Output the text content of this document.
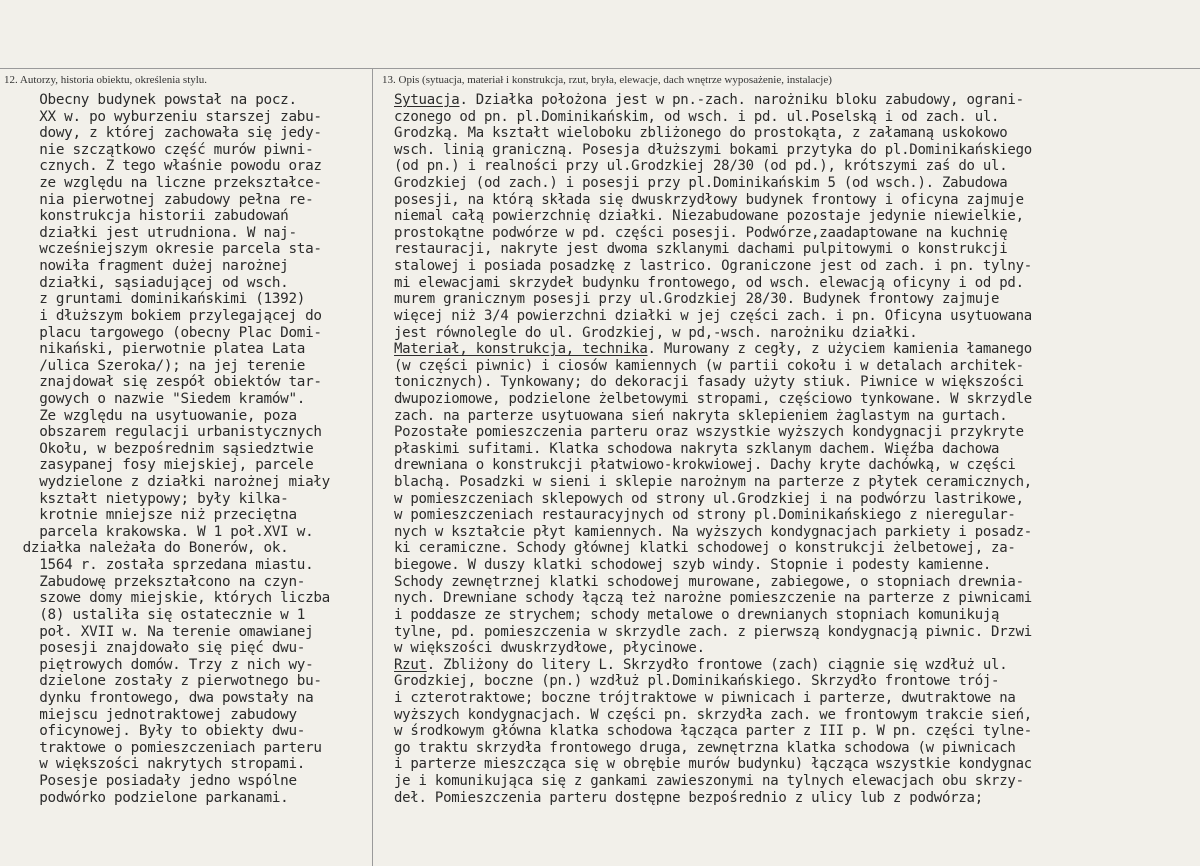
12. Autorzy, historia obiektu, określenia stylu.	13. Opis (sytuacja, materiał i konstrukcja, rzut, bryła, elewacje, dach wnętrze wyposażenie, instalacje)
Obecny budynek powstał na pocz.
XX w. po wyburzeniu starszej zabu-
dowy, z której zachowała się jedy-
nie szczątkowo część murów piwni-
cznych. Z tego właśnie powodu oraz
ze względu na liczne przekształce-
nia pierwotnej zabudowy pełna re-
konstrukcja historii zabudowań
działki jest utrudniona. W naj-
wcześniejszym okresie parcela sta-
nowiła fragment dużej narożnej
działki, sąsiadującej od wsch.
z gruntami dominikańskimi (1392)
i dłuższym bokiem przylegającej do
placu targowego (obecny Plac Domi-
nikański, pierwotnie platea Lata
/ulica Szeroka/); na jej terenie
znajdował się zespół obiektów tar-
gowych o nazwie "Siedem kramów".
Ze względu na usytuowanie, poza
obszarem regulacji urbanistycznych
Okołu, w bezpośrednim sąsiedztwie
zasypanej fosy miejskiej, parcele
wydzielone z działki narożnej miały
kształt nietypowy; były kilka-
krotnie mniejsze niż przeciętna
parcela krakowska. W 1 poł.XVI w.
działka należała do Bonerów, ok.
1564 r. została sprzedana miastu.
Zabudowę przekształcono na czyn-
szowe domy miejskie, których liczba
(8) ustaliła się ostatecznie w 1
poł. XVII w. Na terenie omawianej
posesji znajdowało się pięć dwu-
piętrowych domów. Trzy z nich wy-
dzielone zostały z pierwotnego bu-
dynku frontowego, dwa powstały na
miejscu jednotraktowej zabudowy
oficynowej. Były to obiekty dwu-
traktowe o pomieszczeniach parteru
w większości nakrytych stropami.
Posesje posiadały jedno wspólne
podwórko podzielone parkanami.
Sytuacja. Działka położona jest w pn.-zach. narożniku bloku zabudowy, ograni-
czonego od pn. pl.Dominikańskim, od wsch. i pd. ul.Poselską i od zach. ul.
Grodzką. Ma kształt wieloboku zbliżonego do prostokąta, z załamaną uskokowo
wsch. linią graniczną. Posesja dłuższymi bokami przytyka do pl.Dominikańskiego
(od pn.) i realności przy ul.Grodzkiej 28/30 (od pd.), krótszymi zaś do ul.
Grodzkiej (od zach.) i posesji przy pl.Dominikańskim 5 (od wsch.). Zabudowa
posesji, na którą składa się dwuskrzydłowy budynek frontowy i oficyna zajmuje
niemal całą powierzchnię działki. Niezabudowane pozostaje jedynie niewielkie,
prostokątne podwórze w pd. części posesji. Podwórze,zaadaptowane na kuchnię
restauracji, nakryte jest dwoma szklanymi dachami pulpitowymi o konstrukcji
stalowej i posiada posadzkę z lastrico. Ograniczone jest od zach. i pn. tylny-
mi elewacjami skrzydeł budynku frontowego, od wsch. elewacją oficyny i od pd.
murem granicznym posesji przy ul.Grodzkiej 28/30. Budynek frontowy zajmuje
więcej niż 3/4 powierzchni działki w jej części zach. i pn. Oficyna usytuowana
jest równolegle do ul. Grodzkiej, w pd,-wsch. narożniku działki.
Materiał, konstrukcja, technika. Murowany z cegły, z użyciem kamienia łamanego
(w części piwnic) i ciosów kamiennych (w partii cokołu i w detalach architek-
tonicznych). Tynkowany; do dekoracji fasady użyty stiuk. Piwnice w większości
dwupoziomowe, podzielone żelbetowymi stropami, częściowo tynkowane. W skrzydle
zach. na parterze usytuowana sień nakryta sklepieniem żaglastym na gurtach.
Pozostałe pomieszczenia parteru oraz wszystkie wyższych kondygnacji przykryte
płaskimi sufitami. Klatka schodowa nakryta szklanym dachem. Więźba dachowa
drewniana o konstrukcji płatwiowo-krokwiowej. Dachy kryte dachówką, w części
blachą. Posadzki w sieni i sklepie narożnym na parterze z płytek ceramicznych,
w pomieszczeniach sklepowych od strony ul.Grodzkiej i na podwórzu lastrikowe,
w pomieszczeniach restauracyjnych od strony pl.Dominikańskiego z nieregular-
nych w kształcie płyt kamiennych. Na wyższych kondygnacjach parkiety i posadz-
ki ceramiczne. Schody głównej klatki schodowej o konstrukcji żelbetowej, za-
biegowe. W duszy klatki schodowej szyb windy. Stopnie i podesty kamienne.
Schody zewnętrznej klatki schodowej murowane, zabiegowe, o stopniach drewnia-
nych. Drewniane schody łączą też narożne pomieszczenie na parterze z piwnicami
i poddasze ze strychem; schody metalowe o drewnianych stopniach komunikują
tylne, pd. pomieszczenia w skrzydle zach. z pierwszą kondygnacją piwnic. Drzwi
w większości dwuskrzydłowe, płycinowe.
Rzut. Zbliżony do litery L. Skrzydło frontowe (zach) ciągnie się wzdłuż ul.
Grodzkiej, boczne (pn.) wzdłuż pl.Dominikańskiego. Skrzydło frontowe trój-
i czterotraktowe; boczne trójtraktowe w piwnicach i parterze, dwutraktowe na
wyższych kondygnacjach. W części pn. skrzydła zach. we frontowym trakcie sień,
w środkowym główna klatka schodowa łącząca parter z III p. W pn. części tylne-
go traktu skrzydła frontowego druga, zewnętrzna klatka schodowa (w piwnicach
i parterze mieszcząca się w obrębie murów budynku) łącząca wszystkie kondygnac
je i komunikująca się z gankami zawieszonymi na tylnych elewacjach obu skrzy-
deł. Pomieszczenia parteru dostępne bezpośrednio z ulicy lub z podwórza;
